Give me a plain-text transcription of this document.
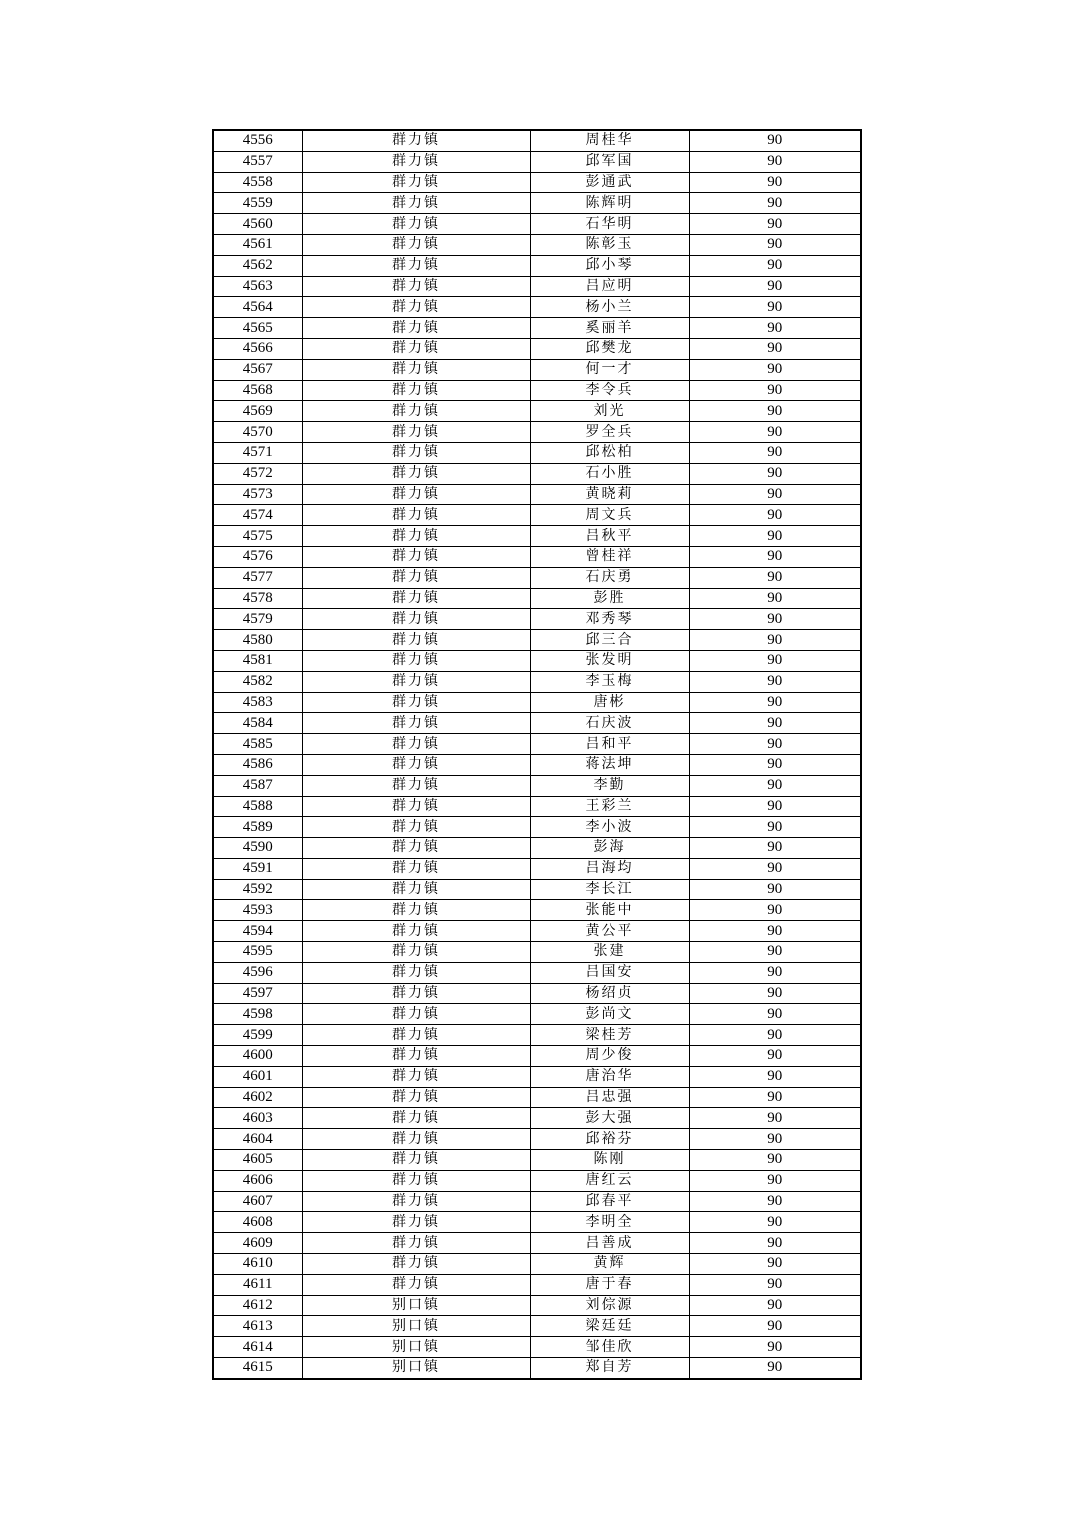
4556	群力镇	周桂华	90
4557	群力镇	邱军国	90
4558	群力镇	彭通武	90
4559	群力镇	陈辉明	90
4560	群力镇	石华明	90
4561	群力镇	陈彰玉	90
4562	群力镇	邱小琴	90
4563	群力镇	吕应明	90
4564	群力镇	杨小兰	90
4565	群力镇	奚丽羊	90
4566	群力镇	邱樊龙	90
4567	群力镇	何一才	90
4568	群力镇	李令兵	90
4569	群力镇	刘光	90
4570	群力镇	罗全兵	90
4571	群力镇	邱松柏	90
4572	群力镇	石小胜	90
4573	群力镇	黄晓莉	90
4574	群力镇	周文兵	90
4575	群力镇	吕秋平	90
4576	群力镇	曾桂祥	90
4577	群力镇	石庆勇	90
4578	群力镇	彭胜	90
4579	群力镇	邓秀琴	90
4580	群力镇	邱三合	90
4581	群力镇	张发明	90
4582	群力镇	李玉梅	90
4583	群力镇	唐彬	90
4584	群力镇	石庆波	90
4585	群力镇	吕和平	90
4586	群力镇	蒋法坤	90
4587	群力镇	李勤	90
4588	群力镇	王彩兰	90
4589	群力镇	李小波	90
4590	群力镇	彭海	90
4591	群力镇	吕海均	90
4592	群力镇	李长江	90
4593	群力镇	张能中	90
4594	群力镇	黄公平	90
4595	群力镇	张建	90
4596	群力镇	吕国安	90
4597	群力镇	杨绍贞	90
4598	群力镇	彭尚文	90
4599	群力镇	梁桂芳	90
4600	群力镇	周少俊	90
4601	群力镇	唐治华	90
4602	群力镇	吕忠强	90
4603	群力镇	彭大强	90
4604	群力镇	邱裕芬	90
4605	群力镇	陈刚	90
4606	群力镇	唐红云	90
4607	群力镇	邱春平	90
4608	群力镇	李明全	90
4609	群力镇	吕善成	90
4610	群力镇	黄辉	90
4611	群力镇	唐于春	90
4612	别口镇	刘倧源	90
4613	别口镇	梁廷廷	90
4614	别口镇	邹佳欣	90
4615	别口镇	郑自芳	90
